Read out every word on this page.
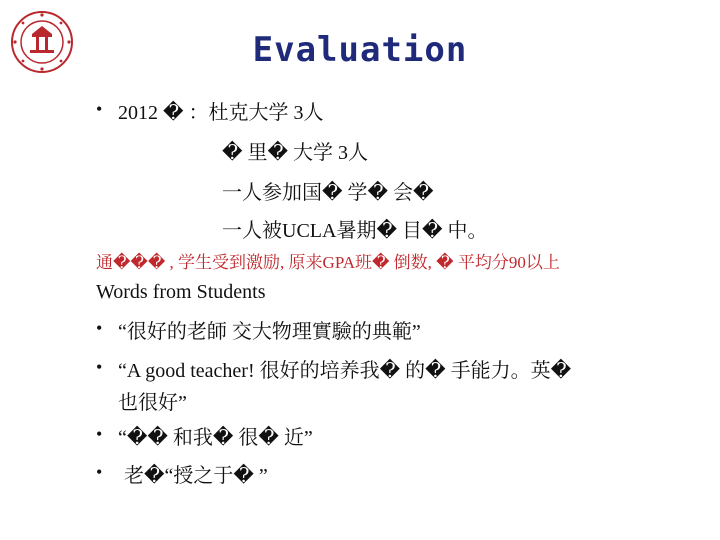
Evaluation
• 2012 � ：杜克大学 3人
� 里� 大学 3人
一人参加国� 学� 会�
一人被UCLA暑期� 目� 中。
通��� , 学生受到激励, 原来GPA班� 倒数, � 平均分90以上
Words from Students
• “很好的老師 交大物理實驗的典範”
• “A good teacher! 很好的培养我� 的� 手能力。英�
也很好”
• “�� 和我� 很� 近”
• 老�“授之于� ”
